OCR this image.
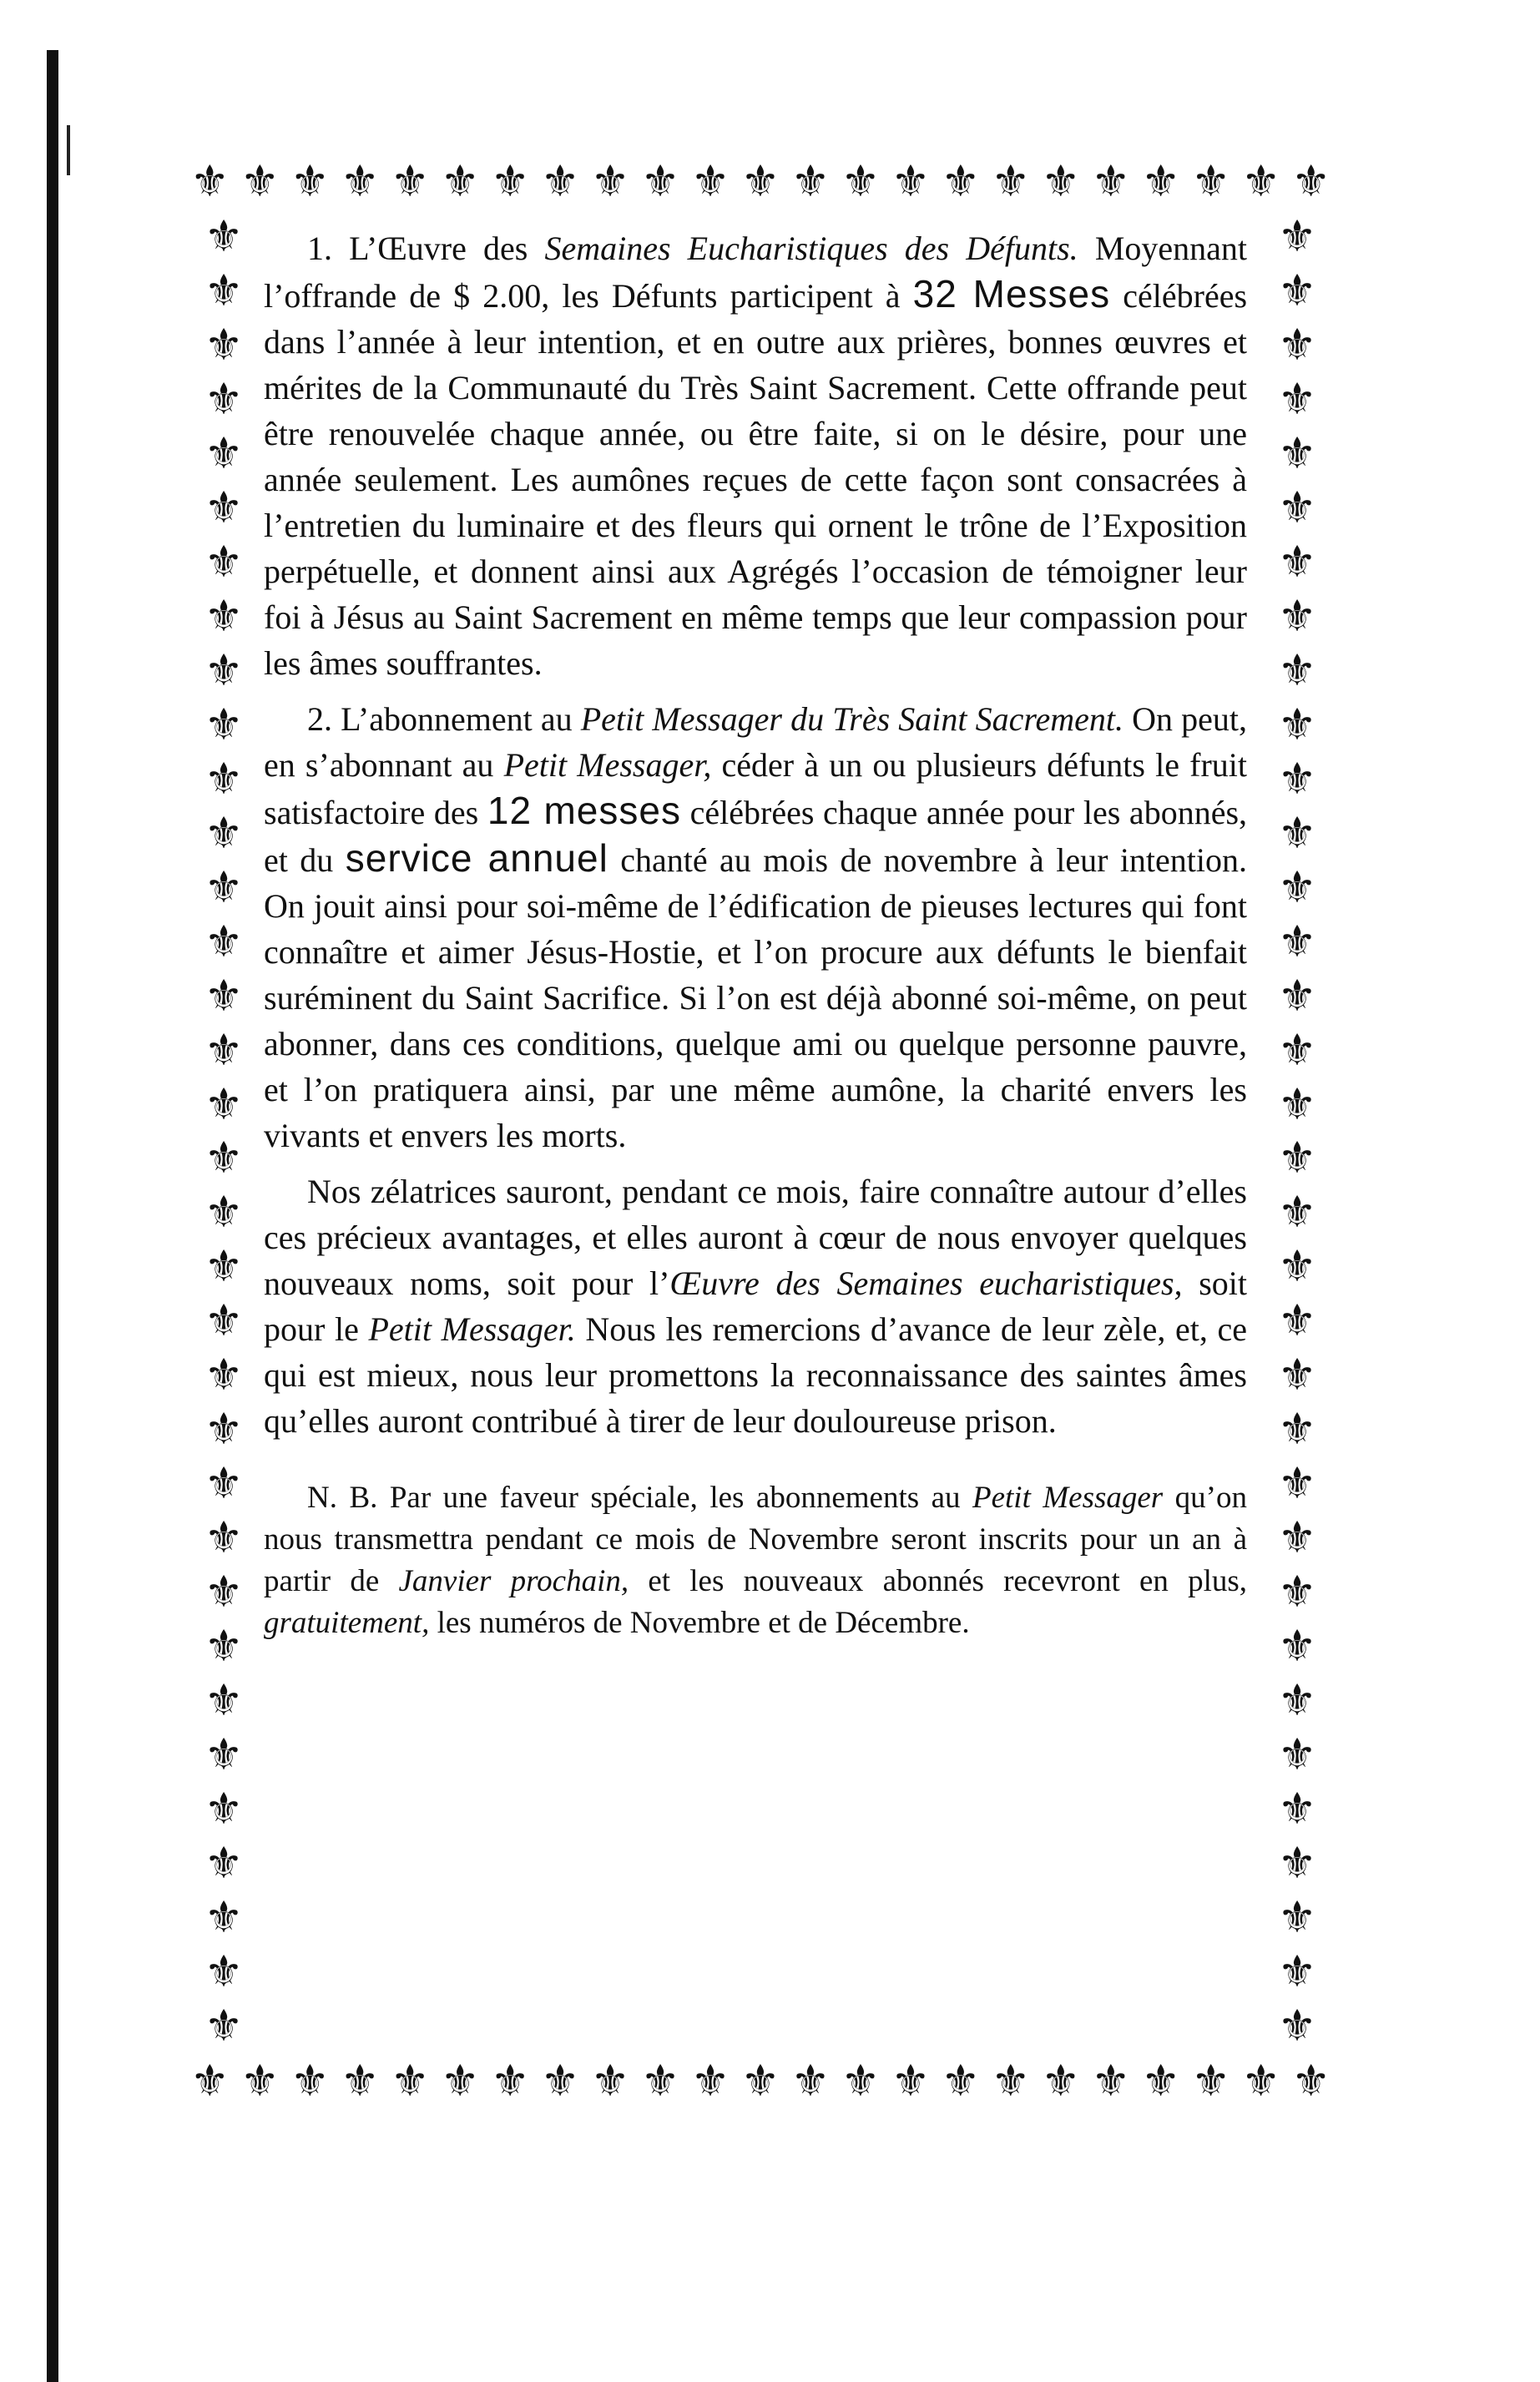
⚜ ⚜ ⚜ ⚜ ⚜ ⚜ ⚜ ⚜ ⚜ ⚜ ⚜ ⚜ ⚜ ⚜ ⚜ ⚜ ⚜ ⚜ ⚜ ⚜ ⚜ ⚜ ⚜
⚜
⚜
⚜
⚜
⚜
⚜
⚜
⚜
⚜
⚜
⚜
⚜
⚜
⚜
⚜
⚜
⚜
⚜
⚜
⚜
⚜
⚜
⚜
⚜
⚜
⚜
⚜
⚜
⚜
⚜
⚜
⚜
⚜
⚜
⚜
⚜
⚜
⚜
⚜
⚜
⚜
⚜
⚜
⚜
⚜
⚜
⚜
⚜
⚜
⚜
⚜
⚜
⚜
⚜
⚜
⚜
⚜
⚜
⚜
⚜
⚜
⚜
⚜
⚜
⚜
⚜
⚜
⚜
⚜ ⚜ ⚜ ⚜ ⚜ ⚜ ⚜ ⚜ ⚜ ⚜ ⚜ ⚜ ⚜ ⚜ ⚜ ⚜ ⚜ ⚜ ⚜ ⚜ ⚜ ⚜ ⚜

1. L’Œuvre des Semaines Eucharistiques des Défunts. Moyennant l’offrande de $ 2.00, les Défunts participent à 32 Messes célébrées dans l’année à leur intention, et en outre aux prières, bonnes œuvres et mérites de la Communauté du Très Saint Sacrement. Cette offrande peut être renouvelée chaque année, ou être faite, si on le désire, pour une année seulement. Les aumônes reçues de cette façon sont consacrées à l’entretien du luminaire et des fleurs qui ornent le trône de l’Exposition perpétuelle, et donnent ainsi aux Agrégés l’occasion de témoigner leur foi à Jésus au Saint Sacrement en même temps que leur compassion pour les âmes souffrantes.

2. L’abonnement au Petit Messager du Très Saint Sacrement. On peut, en s’abonnant au Petit Messager, céder à un ou plusieurs défunts le fruit satisfactoire des 12 messes célébrées chaque année pour les abonnés, et du service annuel chanté au mois de novembre à leur intention. On jouit ainsi pour soi-même de l’édification de pieuses lectures qui font connaître et aimer Jésus-Hostie, et l’on procure aux défunts le bienfait suréminent du Saint Sacrifice. Si l’on est déjà abonné soi-même, on peut abonner, dans ces conditions, quelque ami ou quelque personne pauvre, et l’on pratiquera ainsi, par une même aumône, la charité envers les vivants et envers les morts.

Nos zélatrices sauront, pendant ce mois, faire connaître autour d’elles ces précieux avantages, et elles auront à cœur de nous envoyer quelques nouveaux noms, soit pour l’Œuvre des Semaines eucharistiques, soit pour le Petit Messager. Nous les remercions d’avance de leur zèle, et, ce qui est mieux, nous leur promettons la reconnaissance des saintes âmes qu’elles auront contribué à tirer de leur douloureuse prison.

N. B. Par une faveur spéciale, les abonnements au Petit Messager qu’on nous transmettra pendant ce mois de Novembre seront inscrits pour un an à partir de Janvier prochain, et les nouveaux abonnés recevront en plus, gratuitement, les numéros de Novembre et de Décembre.
